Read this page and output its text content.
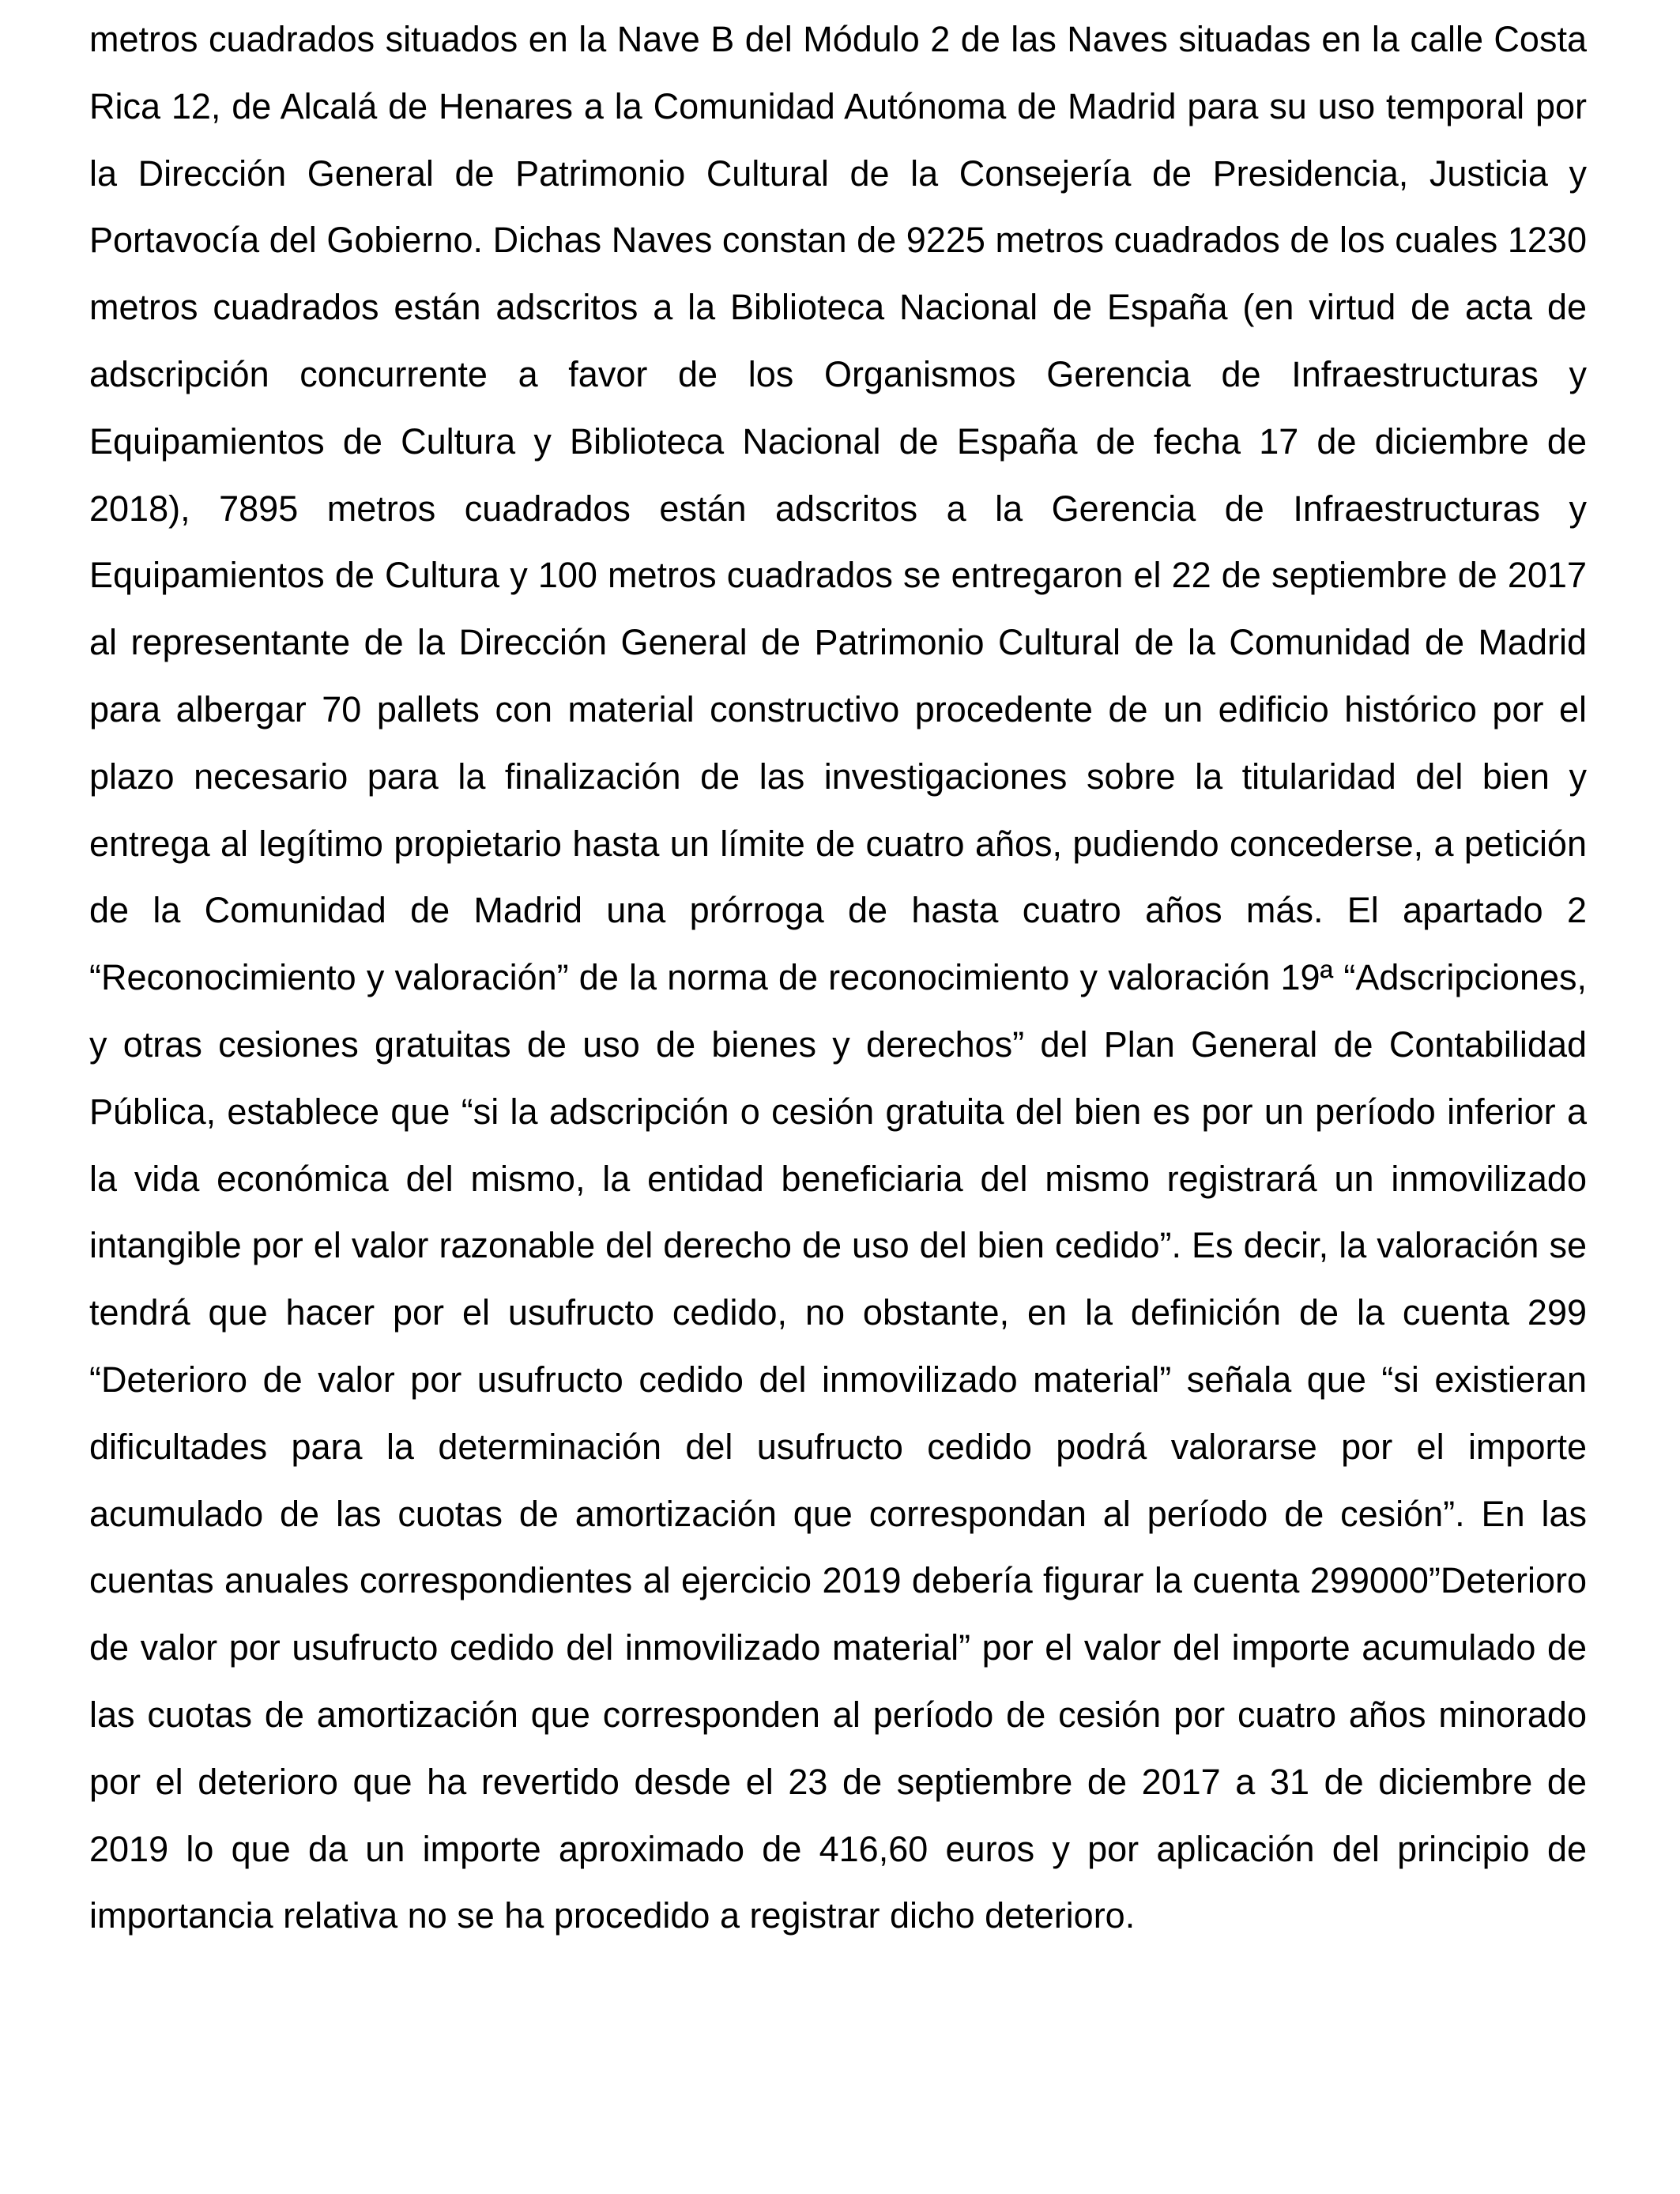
metros cuadrados situados en la Nave B del Módulo 2 de las Naves situadas en la calle Costa Rica 12, de Alcalá de Henares a la Comunidad Autónoma de Madrid para su uso temporal por la Dirección General de Patrimonio Cultural de la Consejería de Presidencia, Justicia y Portavocía del Gobierno. Dichas Naves constan de 9225 metros cuadrados de los cuales 1230 metros cuadrados están adscritos a la Biblioteca Nacional de España (en virtud de acta de adscripción concurrente a favor de los Organismos Gerencia de Infraestructuras y Equipamientos de Cultura y Biblioteca Nacional de España de fecha 17 de diciembre de 2018), 7895 metros cuadrados están adscritos a la Gerencia de Infraestructuras y Equipamientos de Cultura y 100 metros cuadrados se entregaron el 22 de septiembre de 2017 al representante de la Dirección General de Patrimonio Cultural de la Comunidad de Madrid para albergar 70 pallets con material constructivo procedente de un edificio histórico por el plazo necesario para la finalización de las investigaciones sobre la titularidad del bien y entrega al legítimo propietario hasta un límite de cuatro años, pudiendo concederse, a petición de la Comunidad de Madrid una prórroga de hasta cuatro años más. El apartado 2 “Reconocimiento y valoración” de la norma de reconocimiento y valoración 19ª “Adscripciones, y otras cesiones gratuitas de uso de bienes y derechos” del Plan General de Contabilidad Pública, establece que “si la adscripción o cesión gratuita del bien es por un período inferior a la vida económica del mismo, la entidad beneficiaria del mismo registrará un inmovilizado intangible por el valor razonable del derecho de uso del bien cedido”. Es decir, la valoración se tendrá que hacer por el usufructo cedido, no obstante, en la definición de la cuenta 299 “Deterioro de valor por usufructo cedido del inmovilizado material” señala que “si existieran dificultades para la determinación del usufructo cedido podrá valorarse por el importe acumulado de las cuotas de amortización que correspondan al período de cesión”. En las cuentas anuales correspondientes al ejercicio 2019 debería figurar la cuenta 299000”Deterioro de valor por usufructo cedido del inmovilizado material” por el valor del importe acumulado de las cuotas de amortización que corresponden al período de cesión por cuatro años minorado por el deterioro que ha revertido desde el 23 de septiembre de 2017 a 31 de diciembre de 2019 lo que da un importe aproximado de 416,60 euros y por aplicación del principio de importancia relativa no se ha procedido a registrar dicho deterioro.
